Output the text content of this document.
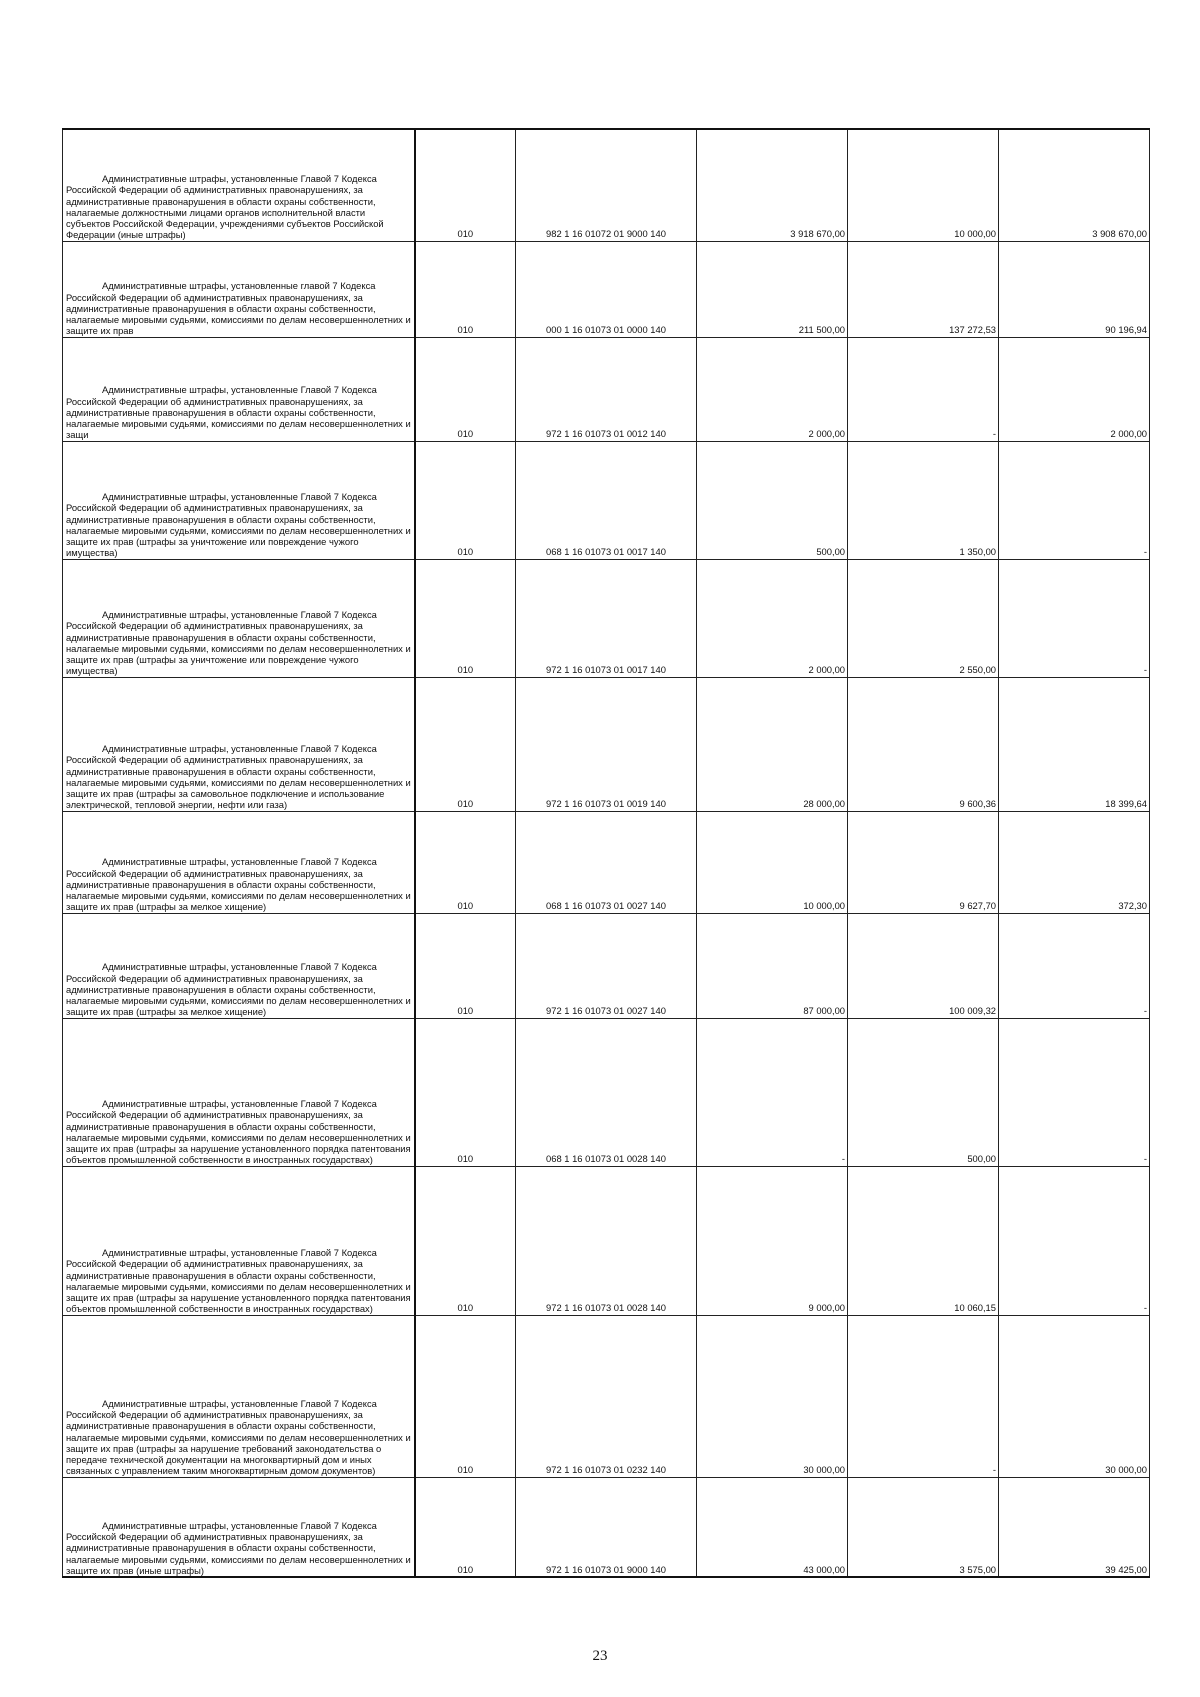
Административные штрафы, установленные Главой 7 Кодекса Российской Федерации об административных правонарушениях, за административные правонарушения в области охраны собственности, налагаемые должностными лицами органов исполнительной власти субъектов Российской Федерации, учреждениями субъектов Российской Федерации (иные штрафы)	010	982 1 16 01072 01 9000 140	3 918 670,00	10 000,00	3 908 670,00

Административные штрафы, установленные главой 7 Кодекса Российской Федерации об административных правонарушениях, за административные правонарушения в области охраны собственности, налагаемые мировыми судьями, комиссиями по делам несовершеннолетних и защите их прав	010	000 1 16 01073 01 0000 140	211 500,00	137 272,53	90 196,94

Административные штрафы, установленные Главой 7 Кодекса Российской Федерации об административных правонарушениях, за административные правонарушения в области охраны собственности, налагаемые мировыми судьями, комиссиями по делам несовершеннолетних и защи	010	972 1 16 01073 01 0012 140	2 000,00	-	2 000,00

Административные штрафы, установленные Главой 7 Кодекса Российской Федерации об административных правонарушениях, за административные правонарушения в области охраны собственности, налагаемые мировыми судьями, комиссиями по делам несовершеннолетних и защите их прав (штрафы за уничтожение или повреждение чужого имущества)	010	068 1 16 01073 01 0017 140	500,00	1 350,00	-

Административные штрафы, установленные Главой 7 Кодекса Российской Федерации об административных правонарушениях, за административные правонарушения в области охраны собственности, налагаемые мировыми судьями, комиссиями по делам несовершеннолетних и защите их прав (штрафы за уничтожение или повреждение чужого имущества)	010	972 1 16 01073 01 0017 140	2 000,00	2 550,00	-

Административные штрафы, установленные Главой 7 Кодекса Российской Федерации об административных правонарушениях, за административные правонарушения в области охраны собственности, налагаемые мировыми судьями, комиссиями по делам несовершеннолетних и защите их прав (штрафы за самовольное подключение и использование электрической, тепловой энергии, нефти или газа)	010	972 1 16 01073 01 0019 140	28 000,00	9 600,36	18 399,64

Административные штрафы, установленные Главой 7 Кодекса Российской Федерации об административных правонарушениях, за административные правонарушения в области охраны собственности, налагаемые мировыми судьями, комиссиями по делам несовершеннолетних и защите их прав (штрафы за мелкое хищение)	010	068 1 16 01073 01 0027 140	10 000,00	9 627,70	372,30

Административные штрафы, установленные Главой 7 Кодекса Российской Федерации об административных правонарушениях, за административные правонарушения в области охраны собственности, налагаемые мировыми судьями, комиссиями по делам несовершеннолетних и защите их прав (штрафы за мелкое хищение)	010	972 1 16 01073 01 0027 140	87 000,00	100 009,32	-

Административные штрафы, установленные Главой 7 Кодекса Российской Федерации об административных правонарушениях, за административные правонарушения в области охраны собственности, налагаемые мировыми судьями, комиссиями по делам несовершеннолетних и защите их прав (штрафы за нарушение установленного порядка патентования объектов промышленной собственности в иностранных государствах)	010	068 1 16 01073 01 0028 140	-	500,00	-

Административные штрафы, установленные Главой 7 Кодекса Российской Федерации об административных правонарушениях, за административные правонарушения в области охраны собственности, налагаемые мировыми судьями, комиссиями по делам несовершеннолетних и защите их прав (штрафы за нарушение установленного порядка патентования объектов промышленной собственности в иностранных государствах)	010	972 1 16 01073 01 0028 140	9 000,00	10 060,15	-

Административные штрафы, установленные Главой 7 Кодекса Российской Федерации об административных правонарушениях, за административные правонарушения в области охраны собственности, налагаемые мировыми судьями, комиссиями по делам несовершеннолетних и защите их прав (штрафы за нарушение требований законодательства о передаче технической документации на многоквартирный дом и иных связанных с управлением таким многоквартирным домом документов)	010	972 1 16 01073 01 0232 140	30 000,00	-	30 000,00

Административные штрафы, установленные Главой 7 Кодекса Российской Федерации об административных правонарушениях, за административные правонарушения в области охраны собственности, налагаемые мировыми судьями, комиссиями по делам несовершеннолетних и защите их прав (иные штрафы)	010	972 1 16 01073 01 9000 140	43 000,00	3 575,00	39 425,00
23
